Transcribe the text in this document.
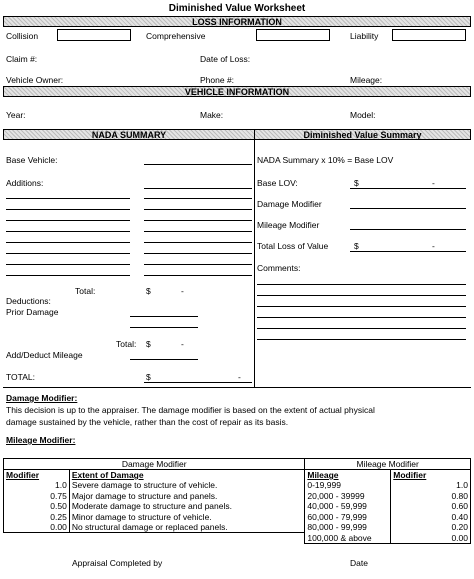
Diminished Value Worksheet
LOSS INFORMATION
Collision	Comprehensive	Liability
Claim #:	Date of Loss:
Vehicle Owner:	Phone #:	Mileage:
VEHICLE INFORMATION
Year:	Make:	Model:
NADA SUMMARY	Diminished Value Summary
Base Vehicle:
Additions:
Total:	$	-
Deductions:
Prior Damage
Total: $	-
Add/Deduct Mileage
TOTAL:	$	-
NADA Summary x 10% = Base LOV
Base LOV:	$	-
Damage Modifier
Mileage Modifier
Total Loss of Value	$	-
Comments:
Damage Modifier:
This decision is up to the appraiser. The damage modifier is based on the extent of actual physical
damage sustained by the vehicle, rather than the cost of repair as its basis.
Mileage Modifier:
Damage Modifier		Mileage Modifier	
Modifier	Extent of Damage	Mileage	Modifier
1.0	Severe damage to structure of vehicle.	0-19,999	1.0
0.75	Major damage to structure and panels.	20,000 - 39999	0.80
0.50	Moderate damage to structure and panels.	40,000 - 59,999	0.60
0.25	Minor damage to structure of vehicle.	60,000 - 79,999	0.40
0.00	No structural damage or replaced panels.	80,000 - 99,999	0.20
		100,000 & above	0.00
Appraisal Completed by	Date
